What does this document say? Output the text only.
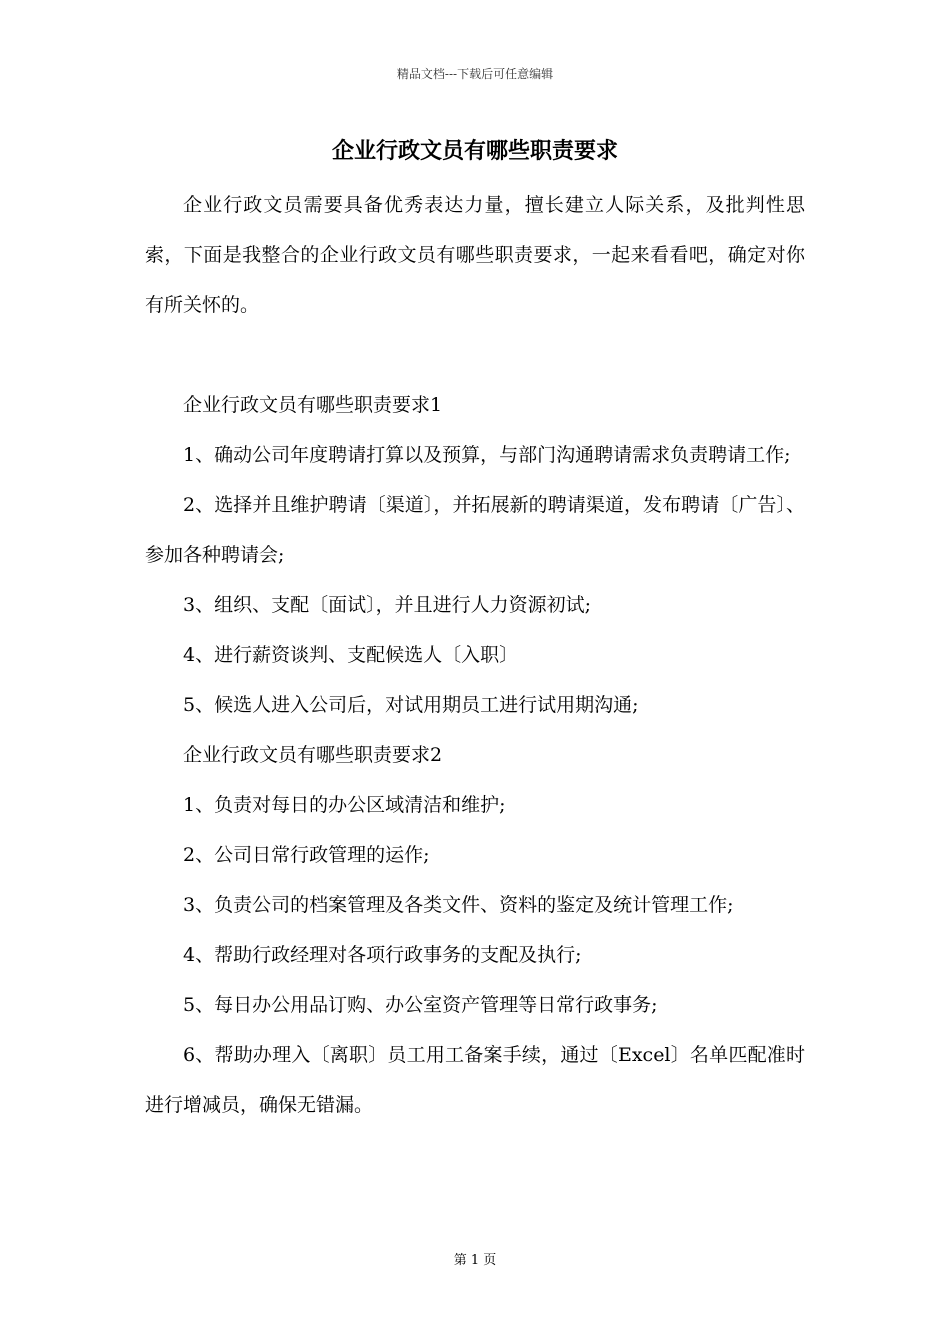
精品文档---下载后可任意编辑
企业行政文员有哪些职责要求

企业行政文员需要具备优秀表达力量，擅长建立人际关系，及批判性思索，下面是我整合的企业行政文员有哪些职责要求，一起来看看吧，确定对你有所关怀的。

企业行政文员有哪些职责要求1

1、确动公司年度聘请打算以及预算，与部门沟通聘请需求负责聘请工作;

2、选择并且维护聘请〔渠道〕，并拓展新的聘请渠道，发布聘请〔广告〕、参加各种聘请会;

3、组织、支配〔面试〕，并且进行人力资源初试;

4、进行薪资谈判、支配候选人〔入职〕

5、候选人进入公司后，对试用期员工进行试用期沟通;

企业行政文员有哪些职责要求2

1、负责对每日的办公区域清洁和维护;

2、公司日常行政管理的运作;

3、负责公司的档案管理及各类文件、资料的鉴定及统计管理工作;

4、帮助行政经理对各项行政事务的支配及执行;

5、每日办公用品订购、办公室资产管理等日常行政事务;

6、帮助办理入〔离职〕员工用工备案手续，通过〔Excel〕名单匹配准时进行增减员，确保无错漏。

第 1 页
